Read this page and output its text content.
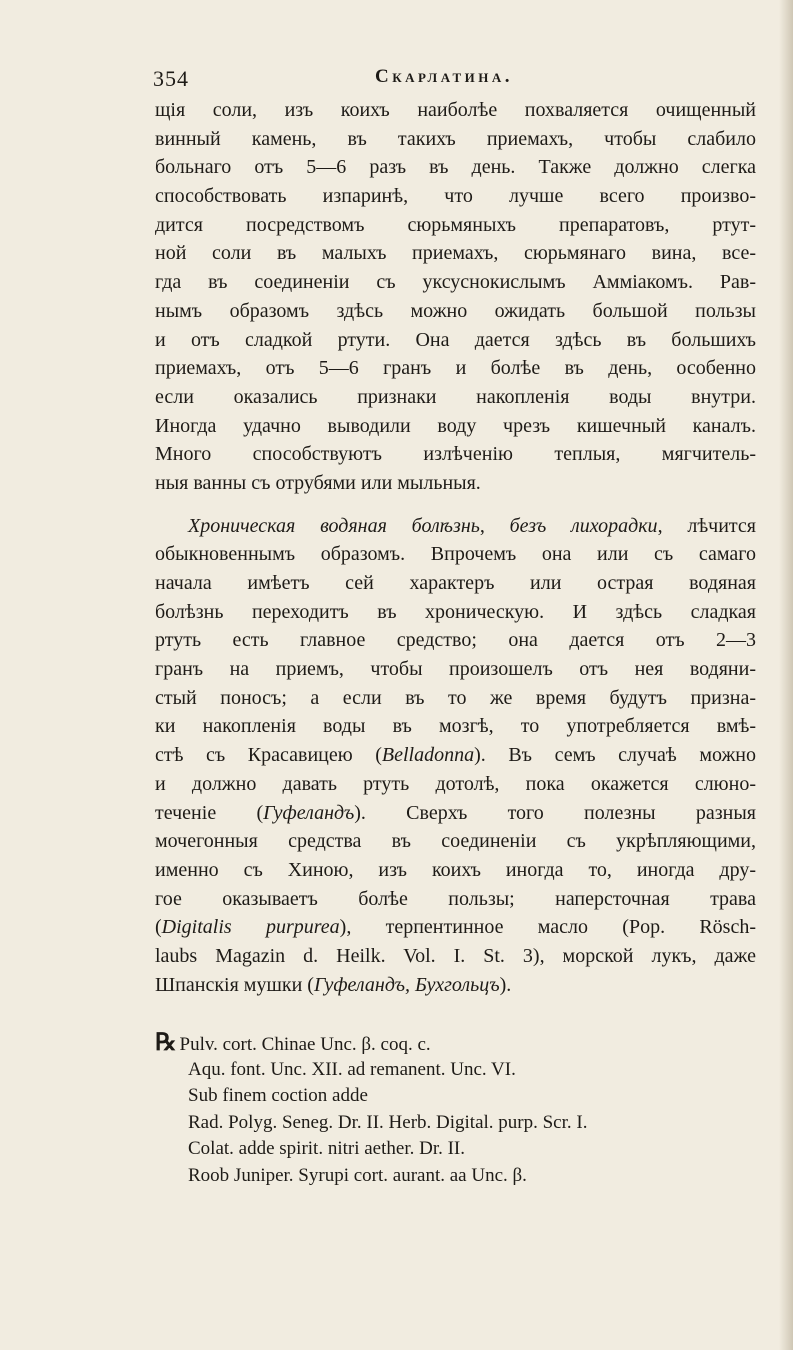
354	Скарлатина.
щія соли, изъ коихъ наиболѣе похваляется очищенный
винный камень, въ такихъ приемахъ, чтобы слабило
больнаго отъ 5—6 разъ въ день. Также должно слегка
способствовать изпаринѣ, что лучше всего произво-
дится посредствомъ сюрьмяныхъ препаратовъ, ртут-
ной соли въ малыхъ приемахъ, сюрьмянаго вина, все-
гда въ соединеніи съ уксуснокислымъ Амміакомъ. Рав-
нымъ образомъ здѣсь можно ожидать большой пользы
и отъ сладкой ртути. Она дается здѣсь въ большихъ
приемахъ, отъ 5—6 гранъ и болѣе въ день, особенно
если оказались признаки накопленія воды внутри.
Иногда удачно выводили воду чрезъ кишечный каналъ.
Много способствуютъ излѣченію теплыя, мягчитель-
ныя ванны съ отрубями или мыльныя.
Хроническая водяная болѣзнь, безъ лихорадки, лѣчится
обыкновеннымъ образомъ. Впрочемъ она или съ самаго
начала имѣетъ сей характеръ или острая водяная
болѣзнь переходитъ въ хроническую. И здѣсь сладкая
ртуть есть главное средство; она дается отъ 2—3
гранъ на приемъ, чтобы произошелъ отъ нея водяни-
стый поносъ; а если въ то же время будутъ призна-
ки накопленія воды въ мозгѣ, то употребляется вмѣ-
стѣ съ Красавицею (Belladonna). Въ семъ случаѣ можно
и должно давать ртуть дотолѣ, пока окажется слюно-
теченіе (Гуфеландъ). Сверхъ того полезны разныя
мочегонныя средства въ соединеніи съ укрѣпляющими,
именно съ Хиною, изъ коихъ иногда то, иногда дру-
гое оказываетъ болѣе пользы; наперсточная трава
(Digitalis purpurea), терпентинное масло (Pop. Rösch-
laubs Magazin d. Heilk. Vol. I. St. 3), морской лукъ, даже
Шпанскія мушки (Гуфеландъ, Бухгольцъ).
℞ Pulv. cort. Chinae Unc. β. coq. c.
Aqu. font. Unc. XII. ad remanent. Unc. VI.
Sub finem coction adde
Rad. Polyg. Seneg. Dr. II. Herb. Digital. purp. Scr. I.
Colat. adde spirit. nitri aether. Dr. II.
Roob Juniper. Syrupi cort. aurant. aa Unc. β.
